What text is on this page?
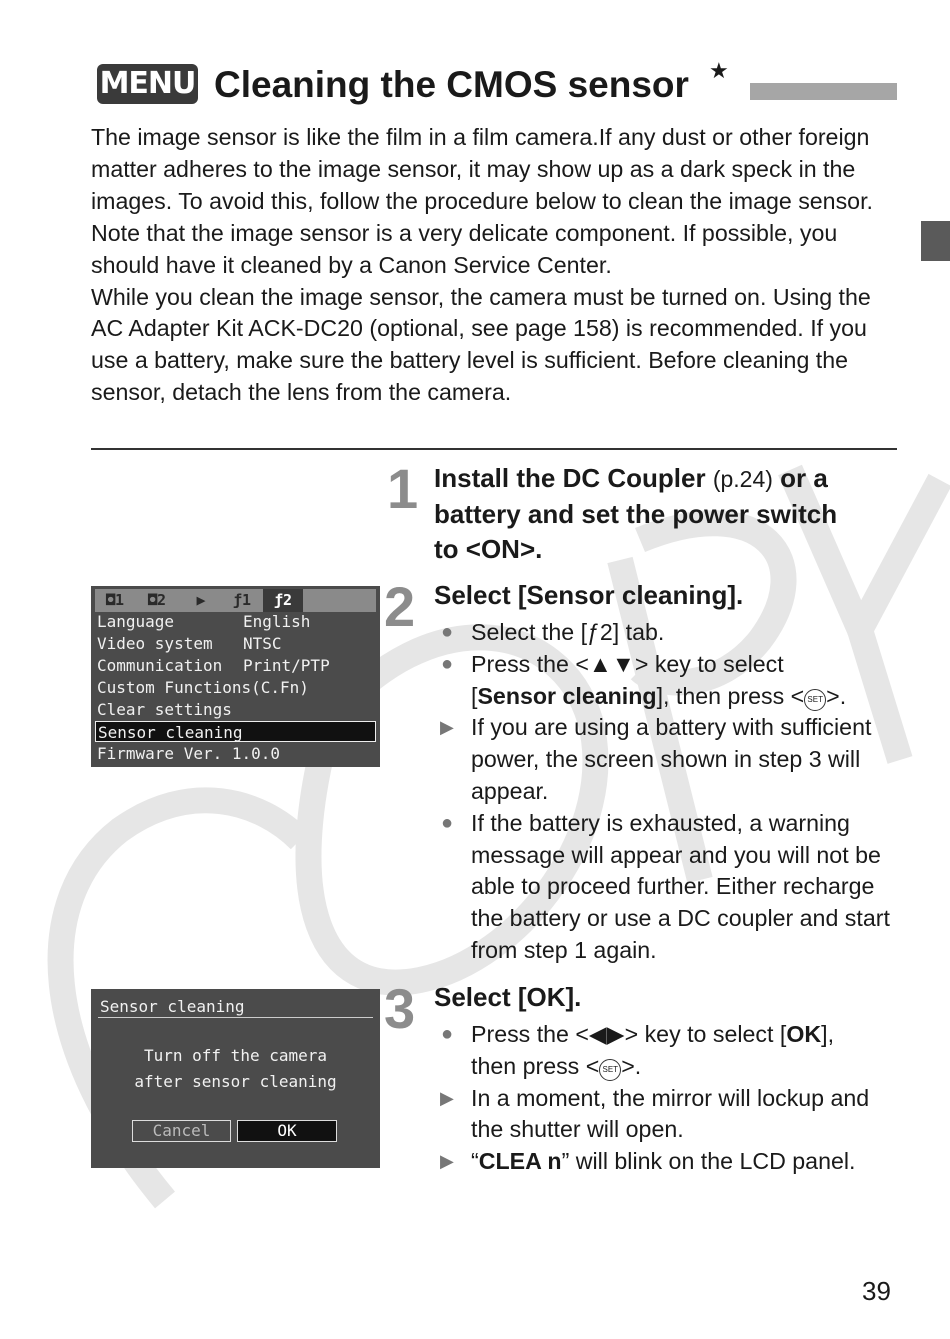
MENU Cleaning the CMOS sensor ★

The image sensor is like the film in a film camera.If any dust or other foreign matter adheres to the image sensor, it may show up as a dark speck in the images. To avoid this, follow the procedure below to clean the image sensor. Note that the image sensor is a very delicate component. If possible, you should have it cleaned by a Canon Service Center.

While you clean the image sensor, the camera must be turned on. Using the AC Adapter Kit ACK-DC20 (optional, see page 158) is recommended. If you use a battery, make sure the battery level is sufficient. Before cleaning the sensor, detach the lens from the camera.

1 Install the DC Coupler (p.24) or a
battery and set the power switch
to <ON>.
2 Select [Sensor cleaning].
● Select the [ƒ2] tab.
● Press the <▲▼> key to select
[Sensor cleaning], then press < SET >.
▶ If you are using a battery with sufficient power, the screen shown in step 3 will appear.
● If the battery is exhausted, a warning message will appear and you will not be able to proceed further. Either recharge the battery or use a DC coupler and start from step 1 again.
◘1	◘2	▶	ƒ1	ƒ2
Language	English
Video system NTSC
Communication Print/PTP
Custom Functions(C.Fn)
Clear settings
Sensor cleaning
Firmware Ver. 1.0.0
3 Select [OK].
● Press the <◀▶> key to select [OK],
then press < SET >.
▶ In a moment, the mirror will lockup and the shutter will open.
▶ “CLEA n” will blink on the LCD panel.
Sensor cleaning
Turn off the camera
after sensor cleaning
Cancel	OK
39
